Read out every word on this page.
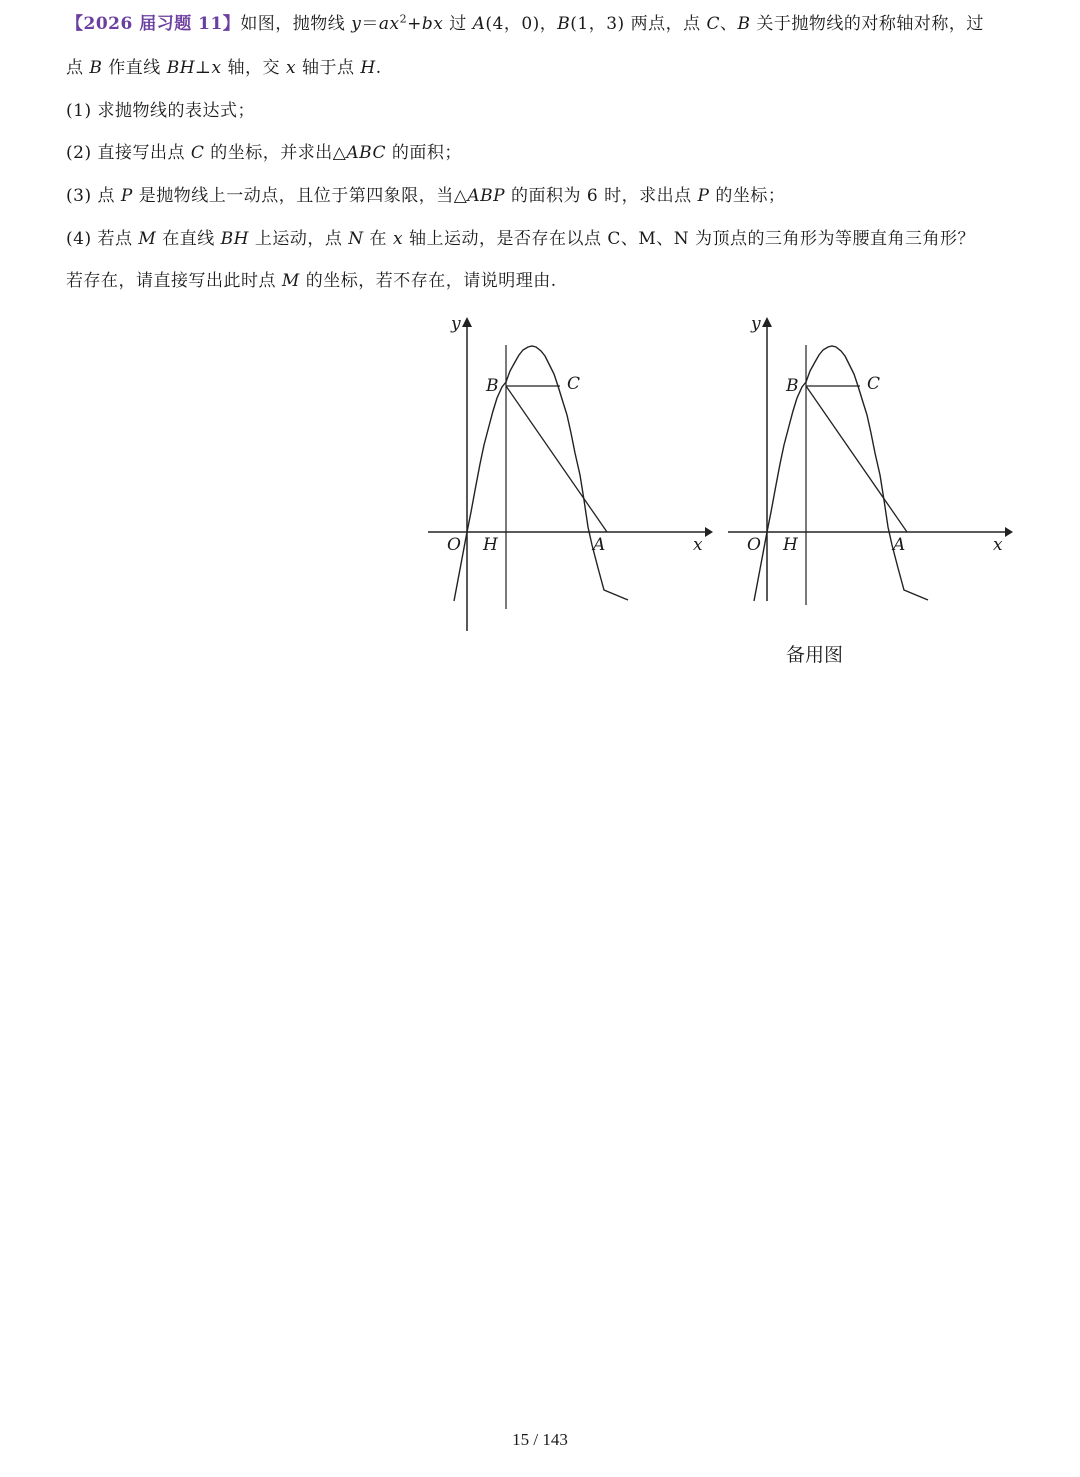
【2026 届习题 11】如图，抛物线 $y=ax^2+bx$ 过 A(4，0)，B(1，3) 两点，点 C、B 关于抛物线的对称轴对称，过
点 B 作直线 BH⊥x 轴，交 x 轴于点 H.
(1) 求抛物线的表达式；
(2) 直接写出点 C 的坐标，并求出△ABC 的面积；
(3) 点 P 是抛物线上一动点，且位于第四象限，当△ABP 的面积为 6 时，求出点 P 的坐标；
(4) 若点 M 在直线 BH 上运动，点 N 在 x 轴上运动，是否存在以点 C、M、N 为顶点的三角形为等腰直角三角形？
若存在，请直接写出此时点 M 的坐标，若不存在，请说明理由.
y
x
O H	A
B	C
y
x
O H	A
B	C
备用图
15 / 143
